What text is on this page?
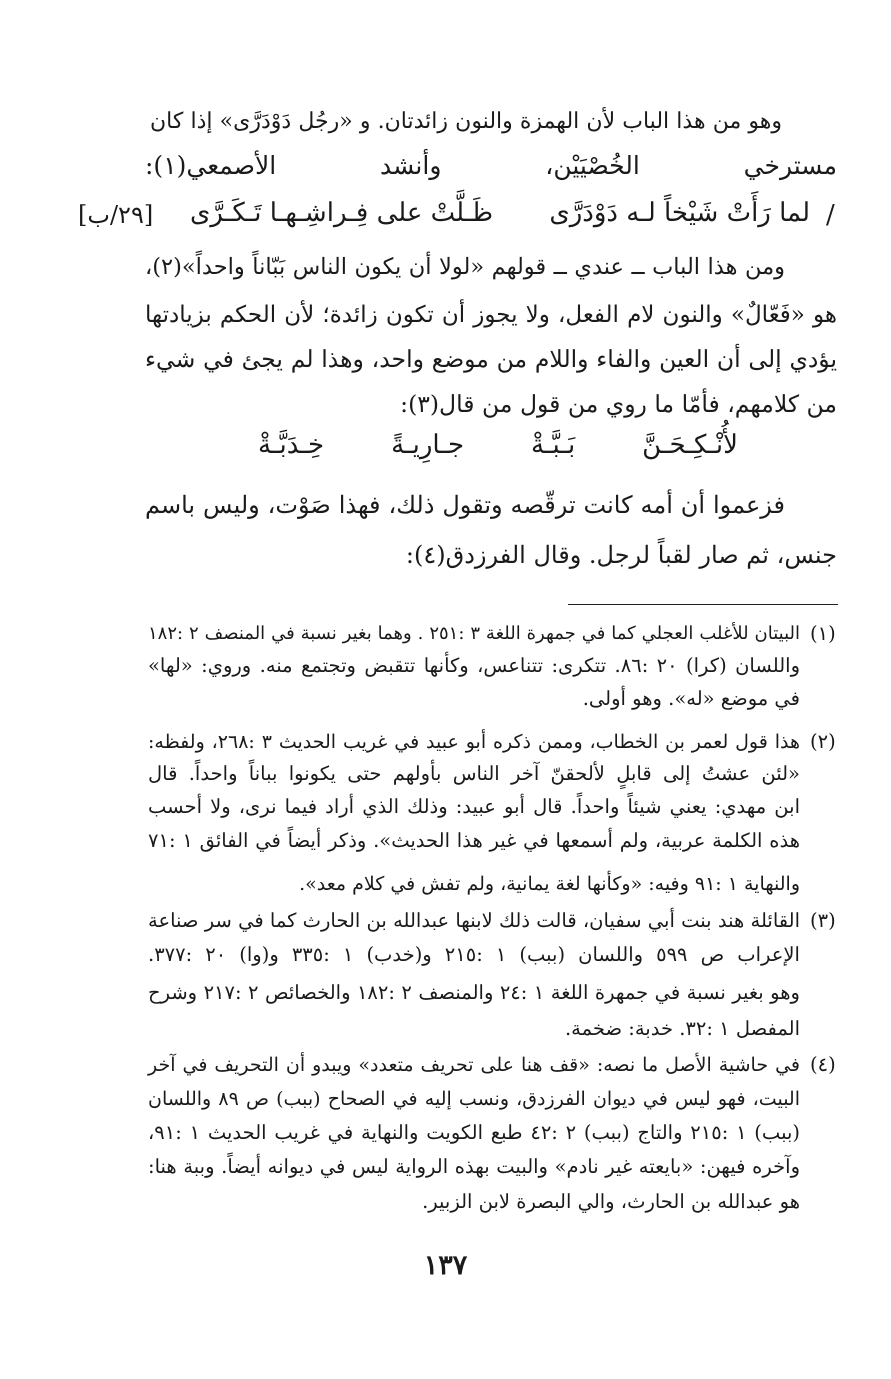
وهو من هذا الباب لأن الهمزة والنون زائدتان. و «رجُل دَوْدَرَّى» إذا كان
مسترخي الخُصْيَيْن، وأنشد الأصمعي(١):
/
لما رَأَتْ شَيْخاً لـه دَوْدَرَّى
ظَـلَّتْ على فِـراشِـهـا تَـكَـرَّى
[٢٩/ب]
ومن هذا الباب ــ عندي ــ قولهم «لولا أن يكون الناس بَبّاناً واحداً»(٢)،
هو «فَعّالٌ» والنون لام الفعل، ولا يجوز أن تكون زائدة؛ لأن الحكم بزيادتها
يؤدي إلى أن العين والفاء واللام من موضع واحد، وهذا لم يجئ في شيء
من كلامهم، فأمّا ما روي من قول من قال(٣):
لأُنْـكِـحَـنَّ
بَـبَّـةْ
جـارِيـةً
خِـدَبَّـةْ
فزعموا أن أمه كانت ترقّصه وتقول ذلك، فهذا صَوْت، وليس باسم
جنس، ثم صار لقباً لرجل. وقال الفرزدق(٤):
(١)
البيتان للأغلب العجلي كما في جمهرة اللغة ٣ :٢٥١ . وهما بغير نسبة في المنصف ٢ :١٨٢
واللسان (كرا) ٢٠ :٨٦. تتكرى: تتناعس، وكأنها تتقبض وتجتمع منه. وروي: «لها»
في موضع «له». وهو أولى.
(٢)
هذا قول لعمر بن الخطاب، وممن ذكره أبو عبيد في غريب الحديث ٣ :٢٦٨، ولفظه:
«لئن عشتُ إلى قابلٍ لألحقنّ آخر الناس بأولهم حتى يكونوا بباناً واحداً. قال
ابن مهدي: يعني شيئاً واحداً. قال أبو عبيد: وذلك الذي أراد فيما نرى، ولا أحسب
هذه الكلمة عربية، ولم أسمعها في غير هذا الحديث». وذكر أيضاً في الفائق ١ :٧١
والنهاية ١ :٩١ وفيه: «وكأنها لغة يمانية، ولم تفش في كلام معد».
(٣)
القائلة هند بنت أبي سفيان، قالت ذلك لابنها عبدالله بن الحارث كما في سر صناعة
الإعراب ص ٥٩٩ واللسان (ببب) ١ :٢١٥ و(خدب) ١ :٣٣٥ و(وا) ٢٠ :٣٧٧.
وهو بغير نسبة في جمهرة اللغة ١ :٢٤ والمنصف ٢ :١٨٢ والخصائص ٢ :٢١٧ وشرح
المفصل ١ :٣٢. خدبة: ضخمة.
(٤)
في حاشية الأصل ما نصه: «قف هنا على تحريف متعدد» ويبدو أن التحريف في آخر
البيت، فهو ليس في ديوان الفرزدق، ونسب إليه في الصحاح (ببب) ص ٨٩ واللسان
(ببب) ١ :٢١٥ والتاج (ببب) ٢ :٤٢ طبع الكويت والنهاية في غريب الحديث ١ :٩١،
وآخره فيهن: «بايعته غير نادم» والبيت بهذه الرواية ليس في ديوانه أيضاً. وببة هنا:
هو عبدالله بن الحارث، والي البصرة لابن الزبير.
١٣٧
